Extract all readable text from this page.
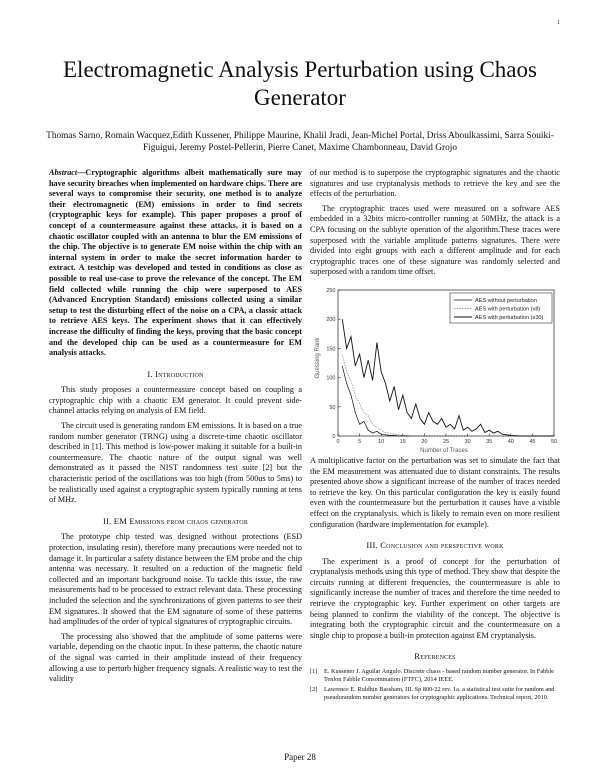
1
Electromagnetic Analysis Perturbation using Chaos Generator
Thomas Sarno, Romain Wacquez,Edith Kussener, Philippe Maurine, Khalil Jradi, Jean-Michel Portal, Driss Aboulkassimi, Sarra Souiki-Figuigui, Jeremy Postel-Pellerin, Pierre Canet, Maxime Chambonneau, David Grojo

Abstract—Cryptographic algorithms albeit mathematically sure may have security breaches when implemented on hardware chips. There are several ways to compromise their security, one method is to analyze their electromagnetic (EM) emissions in order to find secrets (cryptographic keys for example). This paper proposes a proof of concept of a countermeasure against these attacks, it is based on a chaotic oscillator coupled with an antenna to blur the EM emissions of the chip. The objective is to generate EM noise within the chip with an internal system in order to make the secret information harder to extract. A testchip was developed and tested in conditions as close as possible to real use-case to prove the relevance of the concept. The EM field collected while running the chip were superposed to AES (Advanced Encryption Standard) emissions collected using a similar setup to test the disturbing effect of the noise on a CPA, a classic attack to retrieve AES keys. The experiment shows that it can effectively increase the difficulty of finding the keys, proving that the basic concept and the developed chip can be used as a countermeasure for EM analysis attacks.

I. Introduction

This study proposes a countermeasure concept based on coupling a cryptographic chip with a chaotic EM generator. It could prevent side-channel attacks relying on analysis of EM field.

The circuit used is generating random EM emissions. It is based on a true random number generator (TRNG) using a discrete-time chaotic oscillator described in [1]. This method is low-power making it suitable for a built-in countermeasure. The chaotic nature of the output signal was well demonstrated as it passed the NIST randomness test suite [2] but the characteristic period of the oscillations was too high (from 500us to 5ms) to be realistically used against a cryptographic system typically running at tens of MHz.

II. EM Emissions from chaos generator

The prototype chip tested was designed without protections (ESD protection, insulating resin), therefore many precautions were needed not to damage it. In particular a safety distance between the EM probe and the chip antenna was necessary. It resulted on a reduction of the magnetic field collected and an important background noise. To tackle this issue, the raw measurements had to be processed to extract relevant data. These processing included the selection and the synchronizations of given patterns to see their EM signatures. It showed that the EM signature of some of these patterns had amplitudes of the order of typical signatures of cryptographic circuits.

The processing also showed that the amplitude of some patterns were variable, depending on the chaotic input. In these patterns, the chaotic nature of the signal was carried in their amplitude instead of their frequency allowing a use to perturb higher frequency signals. A realistic way to test the validity

of our method is to superpose the cryptographic signatures and the chaotic signatures and use cryptanalysis methods to retrieve the key and see the effects of the perturbation.

The cryptographic traces used were measured on a software AES embedded in a 32bits micro-controller running at 50MHz, the attack is a CPA focusing on the subbyte operation of the algorithm.These traces were superposed with the variable amplitude patterns signatures. There were divided into eight groups with each a different amplitude and for each cryptographic traces one of these signature was randomly selected and superposed with a random time offset.

Guessing Rank
Number of Traces
0	5	10	15	20	25	30	35	40	45	50
0
50
100
150
200
250
AES without perturbation
AES with perturbation (x8)
AES with perturbation (x30)

A multiplicative factor on the perturbation was set to simulate the fact that the EM measurement was attenuated due to distant constraints. The results presented above show a significant increase of the number of traces needed to retrieve the key. On this particular configuration the key is easily found even with the countermeasure but the perturbation it causes have a visible effect on the cryptanalysis. which is likely to remain even on more resilient configuration (hardware implementation for example).

III. Conclusion and perspective work

The experiment is a proof of concept for the perturbation of cryptanalysis methods using this type of method. They show that despite the circuits running at different frequencies, the countermeasure is able to significantly increase the number of traces and therefore the time needed to retrieve the cryptographic key. Further experiment on other targets are being planned to confirm the viability of the concept. The objective is integrating both the cryptographic circuit and the countermeasure on a single chip to propose a built-in protection against EM cryptanalysis.

References
[1]	E. Kussener J. Aguilar Angulo. Discrete chaos - based random number generator. In Fabble Tenlon Fabble Consommation (FTFC), 2014 IEEE.
[2]	Lawrence E. Ruldhin Bassham, III. Sp 800-22 rev. 1a. a statistical test suite for random and pseudorandom number generators for cryptographic applications. Technical report, 2010.
Paper 28
